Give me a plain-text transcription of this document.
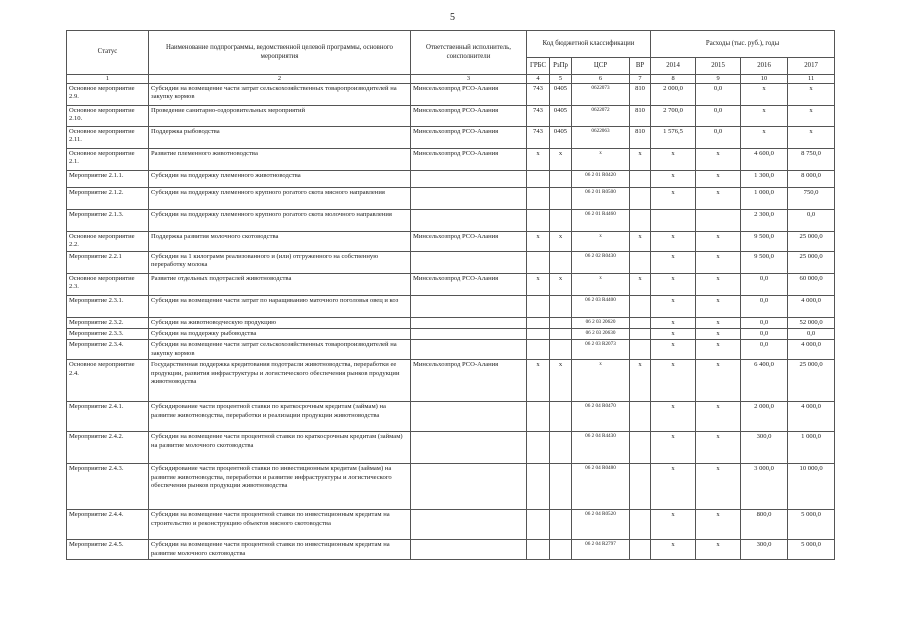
5
Статус	Наименование подпрограммы, ведомственной целевой программы, основного мероприятия	Ответственный исполнитель, соисполнители	Код бюджетной классификации				Расходы (тыс. руб.), годы			
			ГРБС	РзПр	ЦСР	ВР	2014	2015	2016	2017
1	2	3	4	5	6	7	8	9	10	11
Основное мероприятие 2.9.	Субсидии на возмещение части затрат сельскохозяйственных товаропроизводителей на закупку кормов	Минсельхозпрод РСО-Алания	743	0405	0622073	810	2 000,0	0,0	х	х
Основное мероприятие 2.10.	Проведение санитарно-оздоровительных мероприятий	Минсельхозпрод РСО-Алания	743	0405	0622072	810	2 700,0	0,0	х	х
Основное мероприятие 2.11.	Поддержка рыбоводства	Минсельхозпрод РСО-Алания	743	0405	0622063	810	1 576,5	0,0	х	х
Основное мероприятие 2.1.	Развитие племенного животноводства	Минсельхозпрод РСО-Алания	х	х	х	х	х	х	4 600,0	8 750,0
Мероприятие 2.1.1.	Субсидии на поддержку племенного животноводства				06 2 01 R0420		х	х	1 300,0	8 000,0
Мероприятие 2.1.2.	Субсидии на поддержку племенного крупного рогатого скота мясного направления				06 2 01 R0500		х	х	1 000,0	750,0
Мероприятие 2.1.3.	Субсидии на поддержку племенного крупного рогатого скота молочного направления				06 2 01 R4460				2 300,0	0,0
Основное мероприятие 2.2.	Поддержка развития молочного скотоводства	Минсельхозпрод РСО-Алания	х	х	х	х	х	х	9 500,0	25 000,0
Мероприятие 2.2.1	Субсидии на 1 килограмм реализованного и (или) отгруженного на собственную переработку молока				06 2 02 R0430		х	х	9 500,0	25 000,0
Основное мероприятие 2.3.	Развитие отдельных подотраслей животноводства	Минсельхозпрод РСО-Алания	х	х	х	х	х	х	0,0	60 000,0
Мероприятие 2.3.1.	Субсидии на возмещение части затрат по наращиванию маточного поголовья овец и коз				06 2 03 R4400		х	х	0,0	4 000,0
Мероприятие 2.3.2.	Субсидии на животноводческую продукцию				06 2 03 20620		х	х	0,0	52 000,0
Мероприятие 2.3.3.	Субсидии на поддержку рыбоводства				06 2 03 20630		х	х	0,0	0,0
Мероприятие 2.3.4.	Субсидии на возмещение части затрат сельскохозяйственных товаропроизводителей на закупку кормов				06 2 03 R2073		х	х	0,0	4 000,0
Основное мероприятие 2.4.	Государственная поддержка кредитования подотрасли животноводства, переработки ее продукции, развития инфраструктуры и логистического обеспечения рынков продукции животноводства	Минсельхозпрод РСО-Алания	х	х	х	х	х	х	6 400,0	25 000,0
Мероприятие 2.4.1.	Субсидирование части процентной ставки по краткосрочным кредитам (займам) на развитие животноводства, переработки и реализации продукции животноводства				06 2 04 R0470		х	х	2 000,0	4 000,0
Мероприятие 2.4.2.	Субсидии на возмещение части процентной ставки по краткосрочным кредитам (займам) на развитие молочного скотоводства				06 2 04 R4430		х	х	300,0	1 000,0
Мероприятие 2.4.3.	Субсидирование части процентной ставки по инвестиционным кредитам (займам) на развитие животноводства, переработки и развитие инфраструктуры и логистического обеспечения рынков продукции животноводства				06 2 04 R0480		х	х	3 000,0	10 000,0
Мероприятие 2.4.4.	Субсидии на возмещение части процентной ставки по инвестиционным кредитам на строительство и реконструкцию объектов мясного скотоводства				06 2 04 R0520		х	х	800,0	5 000,0
Мероприятие 2.4.5.	Субсидии на возмещение части процентной ставки по инвестиционным кредитам на развитие молочного скотоводства				06 2 04 R2797		х	х	300,0	5 000,0
